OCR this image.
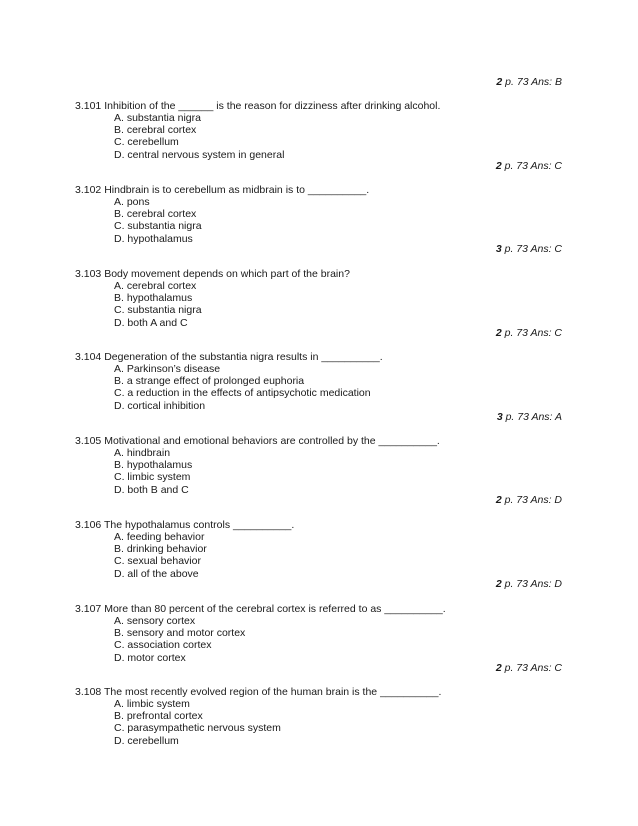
2 p. 73 Ans: B
3.101 Inhibition of the ______ is the reason for dizziness after drinking alcohol.
A. substantia nigra
B. cerebral cortex
C. cerebellum
D. central nervous system in general
2 p. 73 Ans: C
3.102 Hindbrain is to cerebellum as midbrain is to __________.
A. pons
B. cerebral cortex
C. substantia nigra
D. hypothalamus
3 p. 73 Ans: C
3.103 Body movement depends on which part of the brain?
A. cerebral cortex
B. hypothalamus
C. substantia nigra
D. both A and C
2 p. 73 Ans: C
3.104 Degeneration of the substantia nigra results in __________.
A. Parkinson’s disease
B. a strange effect of prolonged euphoria
C. a reduction in the effects of antipsychotic medication
D. cortical inhibition
3 p. 73 Ans: A
3.105 Motivational and emotional behaviors are controlled by the __________.
A. hindbrain
B. hypothalamus
C. limbic system
D. both B and C
2 p. 73 Ans: D
3.106 The hypothalamus controls __________.
A. feeding behavior
B. drinking behavior
C. sexual behavior
D. all of the above
2 p. 73 Ans: D
3.107 More than 80 percent of the cerebral cortex is referred to as __________.
A. sensory cortex
B. sensory and motor cortex
C. association cortex
D. motor cortex
2 p. 73 Ans: C
3.108 The most recently evolved region of the human brain is the __________.
A. limbic system
B. prefrontal cortex
C. parasympathetic nervous system
D. cerebellum
